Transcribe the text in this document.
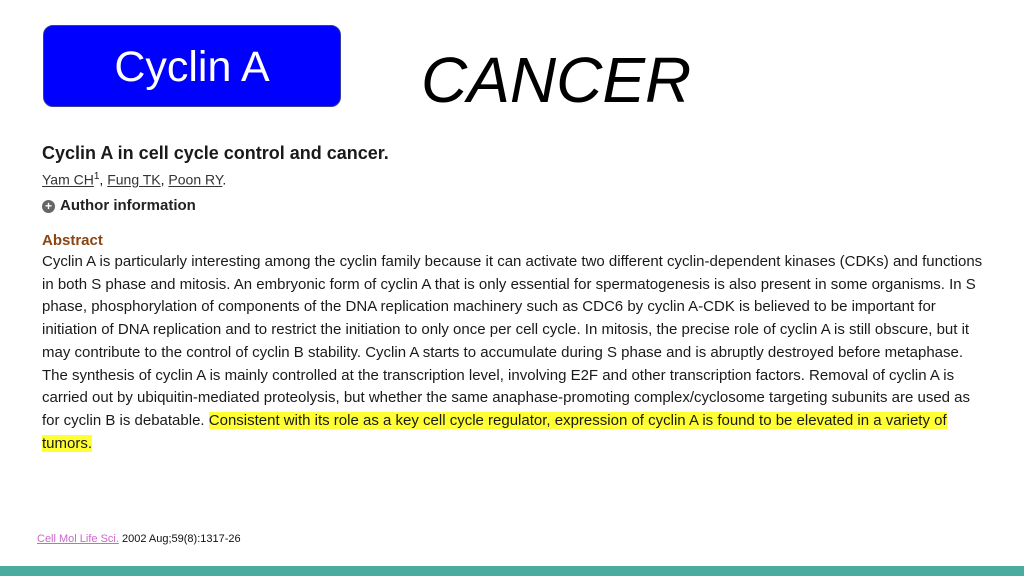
Cyclin A	CANCER
Cyclin A in cell cycle control and cancer.
Yam $CH^1$, Fung TK, Poon RY.
+ Author information
Abstract
Cyclin A is particularly interesting among the cyclin family because it can activate two different cyclin-dependent kinases (CDKs) and functions in both S phase and mitosis. An embryonic form of cyclin A that is only essential for spermatogenesis is also present in some organisms. In S phase, phosphorylation of components of the DNA replication machinery such as CDC6 by cyclin A-CDK is believed to be important for initiation of DNA replication and to restrict the initiation to only once per cell cycle. In mitosis, the precise role of cyclin A is still obscure, but it may contribute to the control of cyclin B stability. Cyclin A starts to accumulate during S phase and is abruptly destroyed before metaphase. The synthesis of cyclin A is mainly controlled at the transcription level, involving E2F and other transcription factors. Removal of cyclin A is carried out by ubiquitin-mediated proteolysis, but whether the same anaphase-promoting complex/cyclosome targeting subunits are used as for cyclin B is debatable. Consistent with its role as a key cell cycle regulator, expression of cyclin A is found to be elevated in a variety of tumors.
Cell Mol Life Sci. 2002 Aug;59(8):1317-26
